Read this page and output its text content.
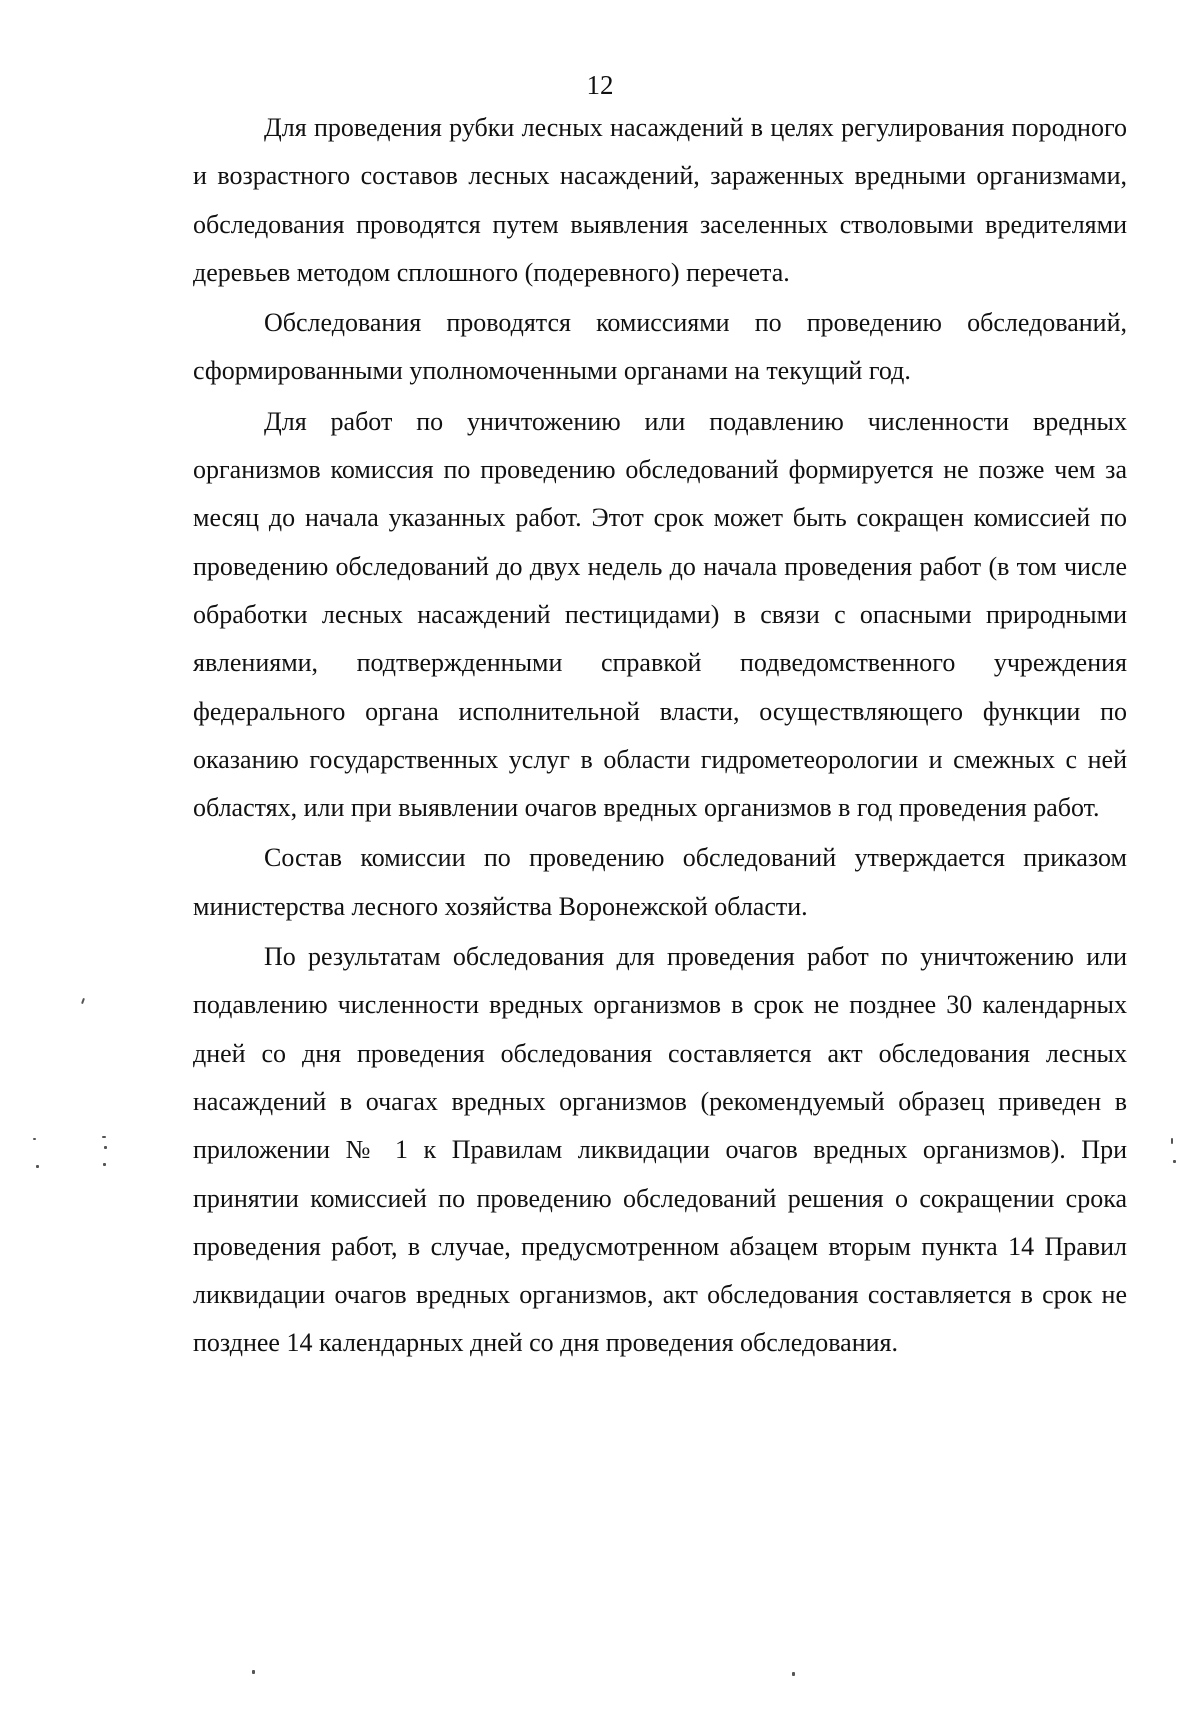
12

Для проведения рубки лесных насаждений в целях регулирования породного и возрастного составов лесных насаждений, зараженных вредными организмами, обследования проводятся путем выявления заселенных стволовыми вредителями деревьев методом сплошного (подеревного) перечета.

Обследования проводятся комиссиями по проведению обследований, сформированными уполномоченными органами на текущий год.

Для работ по уничтожению или подавлению численности вредных организмов комиссия по проведению обследований формируется не позже чем за месяц до начала указанных работ. Этот срок может быть сокращен комиссией по проведению обследований до двух недель до начала проведения работ (в том числе обработки лесных насаждений пестицидами) в связи с опасными природными явлениями, подтвержденными справкой подведомственного учреждения федерального органа исполнительной власти, осуществляющего функции по оказанию государственных услуг в области гидрометеорологии и смежных с ней областях, или при выявлении очагов вредных организмов в год проведения работ.

Состав комиссии по проведению обследований утверждается приказом министерства лесного хозяйства Воронежской области.

По результатам обследования для проведения работ по уничтожению или подавлению численности вредных организмов в срок не позднее 30 календарных дней со дня проведения обследования составляется акт обследования лесных насаждений в очагах вредных организмов (рекомендуемый образец приведен в приложении № 1 к Правилам ликвидации очагов вредных организмов). При принятии комиссией по проведению обследований решения о сокращении срока проведения работ, в случае, предусмотренном абзацем вторым пункта 14 Правил ликвидации очагов вредных организмов, акт обследования составляется в срок не позднее 14 календарных дней со дня проведения обследования.
